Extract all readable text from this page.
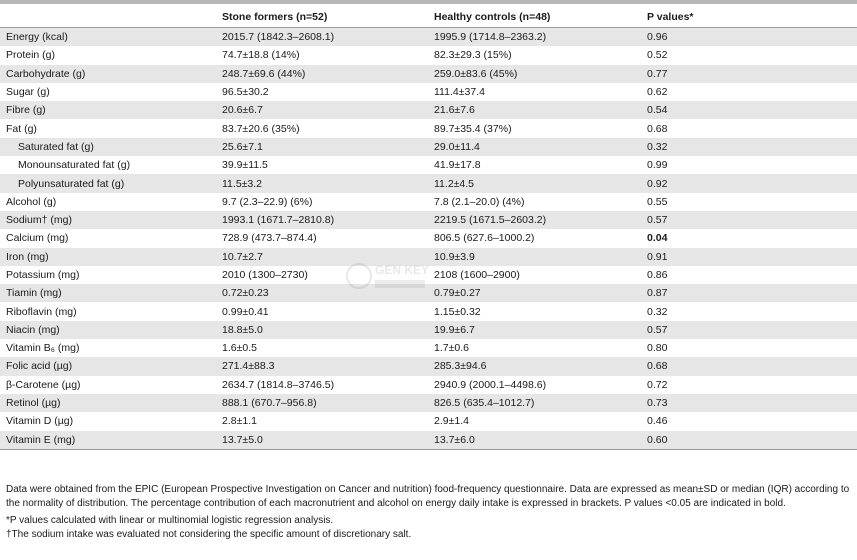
	Stone formers (n=52)	Healthy controls (n=48)	P values*
Energy (kcal)	2015.7 (1842.3–2608.1)	1995.9 (1714.8–2363.2)	0.96
Protein (g)	74.7±18.8 (14%)	82.3±29.3 (15%)	0.52
Carbohydrate (g)	248.7±69.6 (44%)	259.0±83.6 (45%)	0.77
Sugar (g)	96.5±30.2	111.4±37.4	0.62
Fibre (g)	20.6±6.7	21.6±7.6	0.54
Fat (g)	83.7±20.6 (35%)	89.7±35.4 (37%)	0.68
Saturated fat (g)	25.6±7.1	29.0±11.4	0.32
Monounsaturated fat (g)	39.9±11.5	41.9±17.8	0.99
Polyunsaturated fat (g)	11.5±3.2	11.2±4.5	0.92
Alcohol (g)	9.7 (2.3–22.9) (6%)	7.8 (2.1–20.0) (4%)	0.55
Sodium† (mg)	1993.1 (1671.7–2810.8)	2219.5 (1671.5–2603.2)	0.57
Calcium (mg)	728.9 (473.7–874.4)	806.5 (627.6–1000.2)	0.04
Iron (mg)	10.7±2.7	10.9±3.9	0.91
Potassium (mg)	2010 (1300–2730)	2108 (1600–2900)	0.86
Tiamin (mg)	0.72±0.23	0.79±0.27	0.87
Riboflavin (mg)	0.99±0.41	1.15±0.32	0.32
Niacin (mg)	18.8±5.0	19.9±6.7	0.57
Vitamin B₆ (mg)	1.6±0.5	1.7±0.6	0.80
Folic acid (µg)	271.4±88.3	285.3±94.6	0.68
β-Carotene (µg)	2634.7 (1814.8–3746.5)	2940.9 (2000.1–4498.6)	0.72
Retinol (µg)	888.1 (670.7–956.8)	826.5 (635.4–1012.7)	0.73
Vitamin D (µg)	2.8±1.1	2.9±1.4	0.46
Vitamin E (mg)	13.7±5.0	13.7±6.0	0.60

Data were obtained from the EPIC (European Prospective Investigation on Cancer and nutrition) food-frequency questionnaire. Data are expressed as mean±SD or median (IQR) according to the normality of distribution. The percentage contribution of each macronutrient and alcohol on energy daily intake is expressed in brackets. P values <0.05 are indicated in bold.

*P values calculated with linear or multinomial logistic regression analysis.

†The sodium intake was evaluated not considering the specific amount of discretionary salt.
